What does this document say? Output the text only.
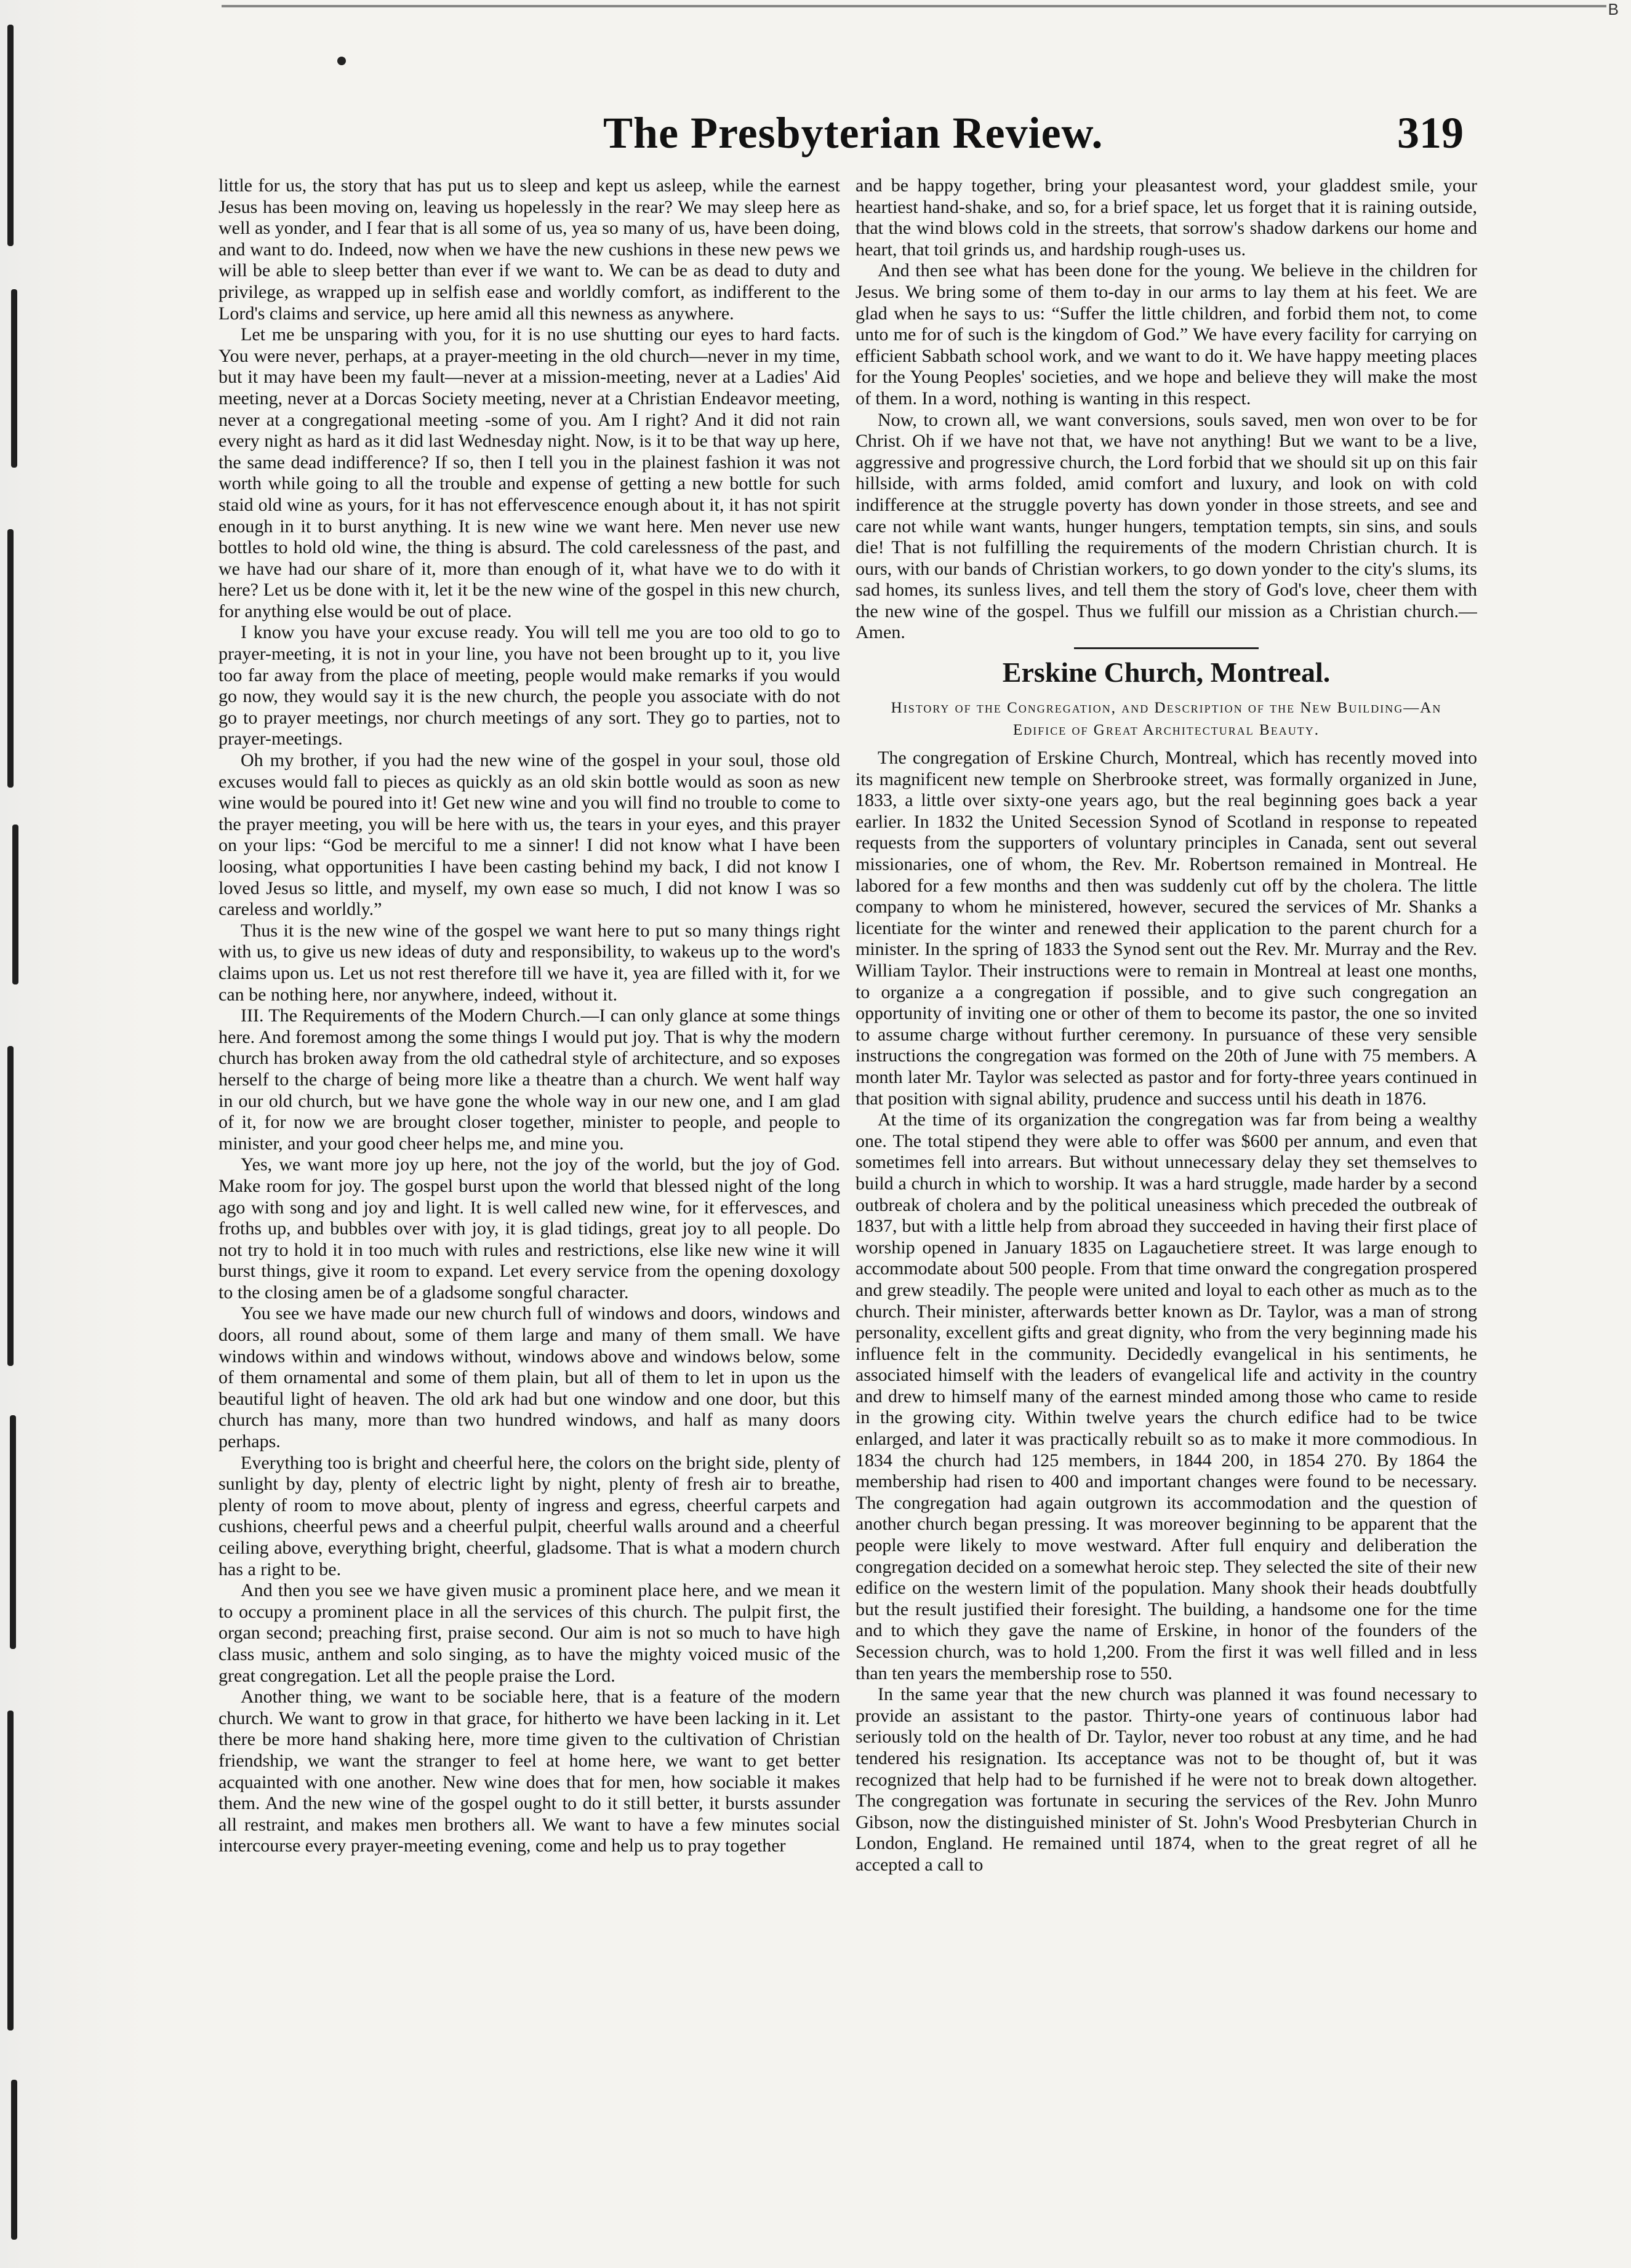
B
The Presbyterian Review.	319

little for us, the story that has put us to sleep and kept us asleep, while the earnest Jesus has been moving on, leaving us hopelessly in the rear? We may sleep here as well as yonder, and I fear that is all some of us, yea so many of us, have been doing, and want to do. Indeed, now when we have the new cushions in these new pews we will be able to sleep better than ever if we want to. We can be as dead to duty and privilege, as wrapped up in selfish ease and worldly comfort, as indifferent to the Lord's claims and service, up here amid all this newness as anywhere.

Let me be unsparing with you, for it is no use shutting our eyes to hard facts. You were never, perhaps, at a prayer-meeting in the old church—never in my time, but it may have been my fault—never at a mission-meeting, never at a Ladies' Aid meeting, never at a Dorcas Society meeting, never at a Christian Endeavor meeting, never at a congregational meeting -some of you. Am I right? And it did not rain every night as hard as it did last Wednesday night. Now, is it to be that way up here, the same dead indifference? If so, then I tell you in the plainest fashion it was not worth while going to all the trouble and expense of getting a new bottle for such staid old wine as yours, for it has not effervescence enough about it, it has not spirit enough in it to burst anything. It is new wine we want here. Men never use new bottles to hold old wine, the thing is absurd. The cold carelessness of the past, and we have had our share of it, more than enough of it, what have we to do with it here? Let us be done with it, let it be the new wine of the gospel in this new church, for anything else would be out of place.

I know you have your excuse ready. You will tell me you are too old to go to prayer-meeting, it is not in your line, you have not been brought up to it, you live too far away from the place of meeting, people would make remarks if you would go now, they would say it is the new church, the people you associate with do not go to prayer meetings, nor church meetings of any sort. They go to parties, not to prayer-meetings.

Oh my brother, if you had the new wine of the gospel in your soul, those old excuses would fall to pieces as quickly as an old skin bottle would as soon as new wine would be poured into it! Get new wine and you will find no trouble to come to the prayer meeting, you will be here with us, the tears in your eyes, and this prayer on your lips: “God be merciful to me a sinner! I did not know what I have been loosing, what opportunities I have been casting behind my back, I did not know I loved Jesus so little, and myself, my own ease so much, I did not know I was so careless and worldly.”

Thus it is the new wine of the gospel we want here to put so many things right with us, to give us new ideas of duty and responsibility, to wakeus up to the word's claims upon us. Let us not rest therefore till we have it, yea are filled with it, for we can be nothing here, nor anywhere, indeed, without it.

III. The Requirements of the Modern Church.—I can only glance at some things here. And foremost among the some things I would put joy. That is why the modern church has broken away from the old cathedral style of architecture, and so exposes herself to the charge of being more like a theatre than a church. We went half way in our old church, but we have gone the whole way in our new one, and I am glad of it, for now we are brought closer together, minister to people, and people to minister, and your good cheer helps me, and mine you.

Yes, we want more joy up here, not the joy of the world, but the joy of God. Make room for joy. The gospel burst upon the world that blessed night of the long ago with song and joy and light. It is well called new wine, for it effervesces, and froths up, and bubbles over with joy, it is glad tidings, great joy to all people. Do not try to hold it in too much with rules and restrictions, else like new wine it will burst things, give it room to expand. Let every service from the opening doxology to the closing amen be of a gladsome songful character.

You see we have made our new church full of windows and doors, windows and doors, all round about, some of them large and many of them small. We have windows within and windows without, windows above and windows below, some of them ornamental and some of them plain, but all of them to let in upon us the beautiful light of heaven. The old ark had but one window and one door, but this church has many, more than two hundred windows, and half as many doors perhaps.

Everything too is bright and cheerful here, the colors on the bright side, plenty of sunlight by day, plenty of electric light by night, plenty of fresh air to breathe, plenty of room to move about, plenty of ingress and egress, cheerful carpets and cushions, cheerful pews and a cheerful pulpit, cheerful walls around and a cheerful ceiling above, everything bright, cheerful, gladsome. That is what a modern church has a right to be.

And then you see we have given music a prominent place here, and we mean it to occupy a prominent place in all the services of this church. The pulpit first, the organ second; preaching first, praise second. Our aim is not so much to have high class music, anthem and solo singing, as to have the mighty voiced music of the great congregation. Let all the people praise the Lord.

Another thing, we want to be sociable here, that is a feature of the modern church. We want to grow in that grace, for hitherto we have been lacking in it. Let there be more hand shaking here, more time given to the cultivation of Christian friendship, we want the stranger to feel at home here, we want to get better acquainted with one another. New wine does that for men, how sociable it makes them. And the new wine of the gospel ought to do it still better, it bursts assunder all restraint, and makes men brothers all. We want to have a few minutes social intercourse every prayer-meeting evening, come and help us to pray together

and be happy together, bring your pleasantest word, your gladdest smile, your heartiest hand-shake, and so, for a brief space, let us forget that it is raining outside, that the wind blows cold in the streets, that sorrow's shadow darkens our home and heart, that toil grinds us, and hardship rough-uses us.

And then see what has been done for the young. We believe in the children for Jesus. We bring some of them to-day in our arms to lay them at his feet. We are glad when he says to us: “Suffer the little children, and forbid them not, to come unto me for of such is the kingdom of God.” We have every facility for carrying on efficient Sabbath school work, and we want to do it. We have happy meeting places for the Young Peoples' societies, and we hope and believe they will make the most of them. In a word, nothing is wanting in this respect.

Now, to crown all, we want conversions, souls saved, men won over to be for Christ. Oh if we have not that, we have not anything! But we want to be a live, aggressive and progressive church, the Lord forbid that we should sit up on this fair hillside, with arms folded, amid comfort and luxury, and look on with cold indifference at the struggle poverty has down yonder in those streets, and see and care not while want wants, hunger hungers, temptation tempts, sin sins, and souls die! That is not fulfilling the requirements of the modern Christian church. It is ours, with our bands of Christian workers, to go down yonder to the city's slums, its sad homes, its sunless lives, and tell them the story of God's love, cheer them with the new wine of the gospel. Thus we fulfill our mission as a Christian church.—Amen.

Erskine Church, Montreal.
History of the Congregation, and Description of the New Building—An Edifice of Great Architectural Beauty.

The congregation of Erskine Church, Montreal, which has recently moved into its magnificent new temple on Sherbrooke street, was formally organized in June, 1833, a little over sixty-one years ago, but the real beginning goes back a year earlier. In 1832 the United Secession Synod of Scotland in response to repeated requests from the supporters of voluntary principles in Canada, sent out several missionaries, one of whom, the Rev. Mr. Robertson remained in Montreal. He labored for a few months and then was suddenly cut off by the cholera. The little company to whom he ministered, however, secured the services of Mr. Shanks a licentiate for the winter and renewed their application to the parent church for a minister. In the spring of 1833 the Synod sent out the Rev. Mr. Murray and the Rev. William Taylor. Their instructions were to remain in Montreal at least one months, to organize a a congregation if possible, and to give such congregation an opportunity of inviting one or other of them to become its pastor, the one so invited to assume charge without further ceremony. In pursuance of these very sensible instructions the congregation was formed on the 20th of June with 75 members. A month later Mr. Taylor was selected as pastor and for forty-three years continued in that position with signal ability, prudence and success until his death in 1876.

At the time of its organization the congregation was far from being a wealthy one. The total stipend they were able to offer was $600 per annum, and even that sometimes fell into arrears. But without unnecessary delay they set themselves to build a church in which to worship. It was a hard struggle, made harder by a second outbreak of cholera and by the political uneasiness which preceded the outbreak of 1837, but with a little help from abroad they succeeded in having their first place of worship opened in January 1835 on Lagauchetiere street. It was large enough to accommodate about 500 people. From that time onward the congregation prospered and grew steadily. The people were united and loyal to each other as much as to the church. Their minister, afterwards better known as Dr. Taylor, was a man of strong personality, excellent gifts and great dignity, who from the very beginning made his influence felt in the community. Decidedly evangelical in his sentiments, he associated himself with the leaders of evangelical life and activity in the country and drew to himself many of the earnest minded among those who came to reside in the growing city. Within twelve years the church edifice had to be twice enlarged, and later it was practically rebuilt so as to make it more commodious. In 1834 the church had 125 members, in 1844 200, in 1854 270. By 1864 the membership had risen to 400 and important changes were found to be necessary. The congregation had again outgrown its accommodation and the question of another church began pressing. It was moreover beginning to be apparent that the people were likely to move westward. After full enquiry and deliberation the congregation decided on a somewhat heroic step. They selected the site of their new edifice on the western limit of the population. Many shook their heads doubtfully but the result justified their foresight. The building, a handsome one for the time and to which they gave the name of Erskine, in honor of the founders of the Secession church, was to hold 1,200. From the first it was well filled and in less than ten years the membership rose to 550.

In the same year that the new church was planned it was found necessary to provide an assistant to the pastor. Thirty-one years of continuous labor had seriously told on the health of Dr. Taylor, never too robust at any time, and he had tendered his resignation. Its acceptance was not to be thought of, but it was recognized that help had to be furnished if he were not to break down altogether. The congregation was fortunate in securing the services of the Rev. John Munro Gibson, now the distinguished minister of St. John's Wood Presbyterian Church in London, England. He remained until 1874, when to the great regret of all he accepted a call to
